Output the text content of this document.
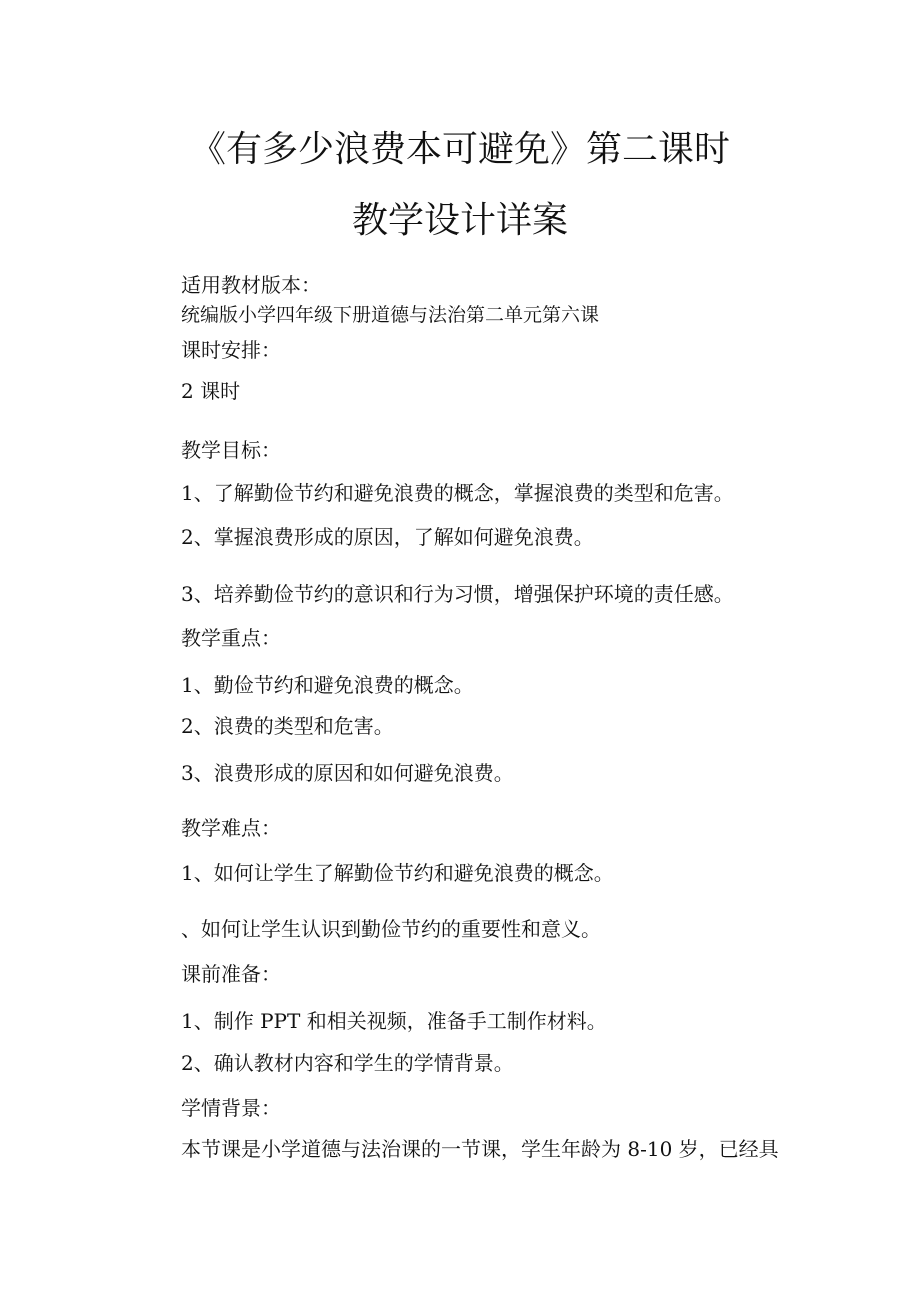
《有多少浪费本可避免》第二课时
教学设计详案
适用教材版本：
统编版小学四年级下册道德与法治第二单元第六课
课时安排：
2 课时
教学目标：
1、了解勤俭节约和避免浪费的概念，掌握浪费的类型和危害。
2、掌握浪费形成的原因，了解如何避免浪费。
3、培养勤俭节约的意识和行为习惯，增强保护环境的责任感。
教学重点：
1、勤俭节约和避免浪费的概念。
2、浪费的类型和危害。
3、浪费形成的原因和如何避免浪费。
教学难点：
1、如何让学生了解勤俭节约和避免浪费的概念。
、如何让学生认识到勤俭节约的重要性和意义。
课前准备：
1、制作 PPT 和相关视频，准备手工制作材料。
2、确认教材内容和学生的学情背景。
学情背景：
本节课是小学道德与法治课的一节课，学生年龄为 8-10 岁，已经具
